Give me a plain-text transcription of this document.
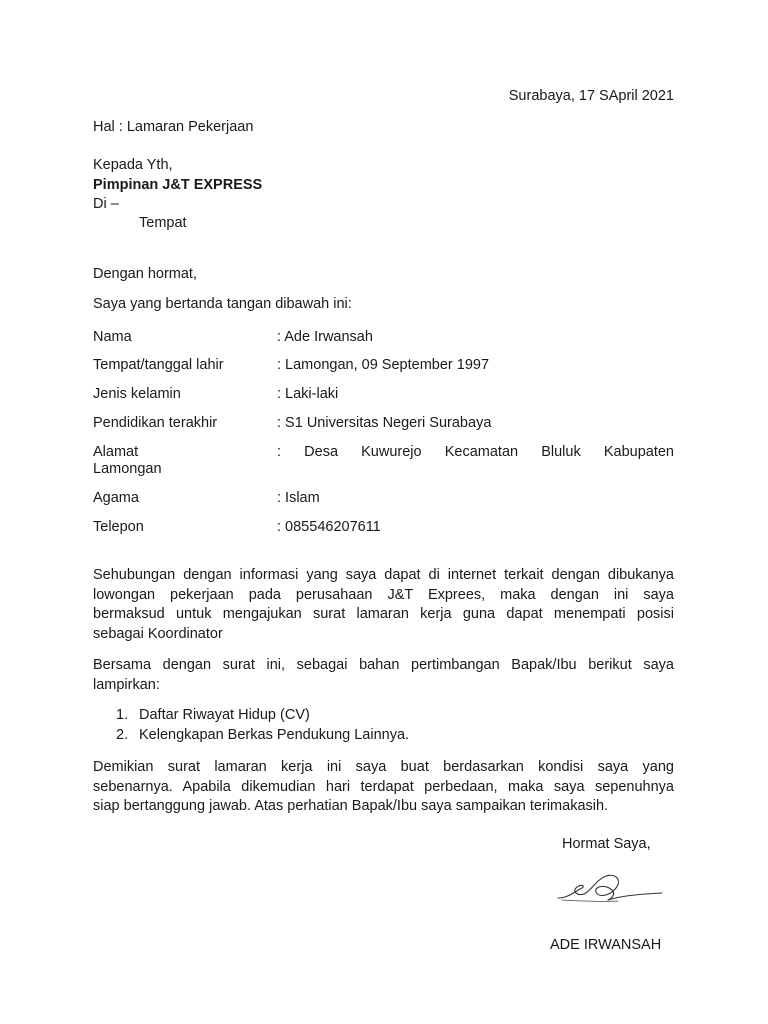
Surabaya, 17 SApril 2021
Hal : Lamaran Pekerjaan
Kepada Yth,
Pimpinan J&T EXPRESS
Di –
Tempat
Dengan hormat,
Saya yang bertanda tangan dibawah ini:
Nama	: Ade Irwansah
Tempat/tanggal lahir	: Lamongan, 09 September 1997
Jenis kelamin	: Laki-laki
Pendidikan terakhir	: S1 Universitas Negeri Surabaya
Alamat	: Desa Kuwurejo Kecamatan Bluluk Kabupaten
Lamongan
Agama	: Islam
Telepon	: 085546207611
Sehubungan dengan informasi yang saya dapat di internet terkait dengan dibukanya
lowongan pekerjaan pada perusahaan J&T Exprees, maka dengan ini saya
bermaksud untuk mengajukan surat lamaran kerja guna dapat menempati posisi
sebagai Koordinator
Bersama dengan surat ini, sebagai bahan pertimbangan Bapak/Ibu berikut saya
lampirkan:
1. Daftar Riwayat Hidup (CV)
2. Kelengkapan Berkas Pendukung Lainnya.
Demikian surat lamaran kerja ini saya buat berdasarkan kondisi saya yang
sebenarnya. Apabila dikemudian hari terdapat perbedaan, maka saya sepenuhnya
siap bertanggung jawab. Atas perhatian Bapak/Ibu saya sampaikan terimakasih.
Hormat Saya,
ADE IRWANSAH
